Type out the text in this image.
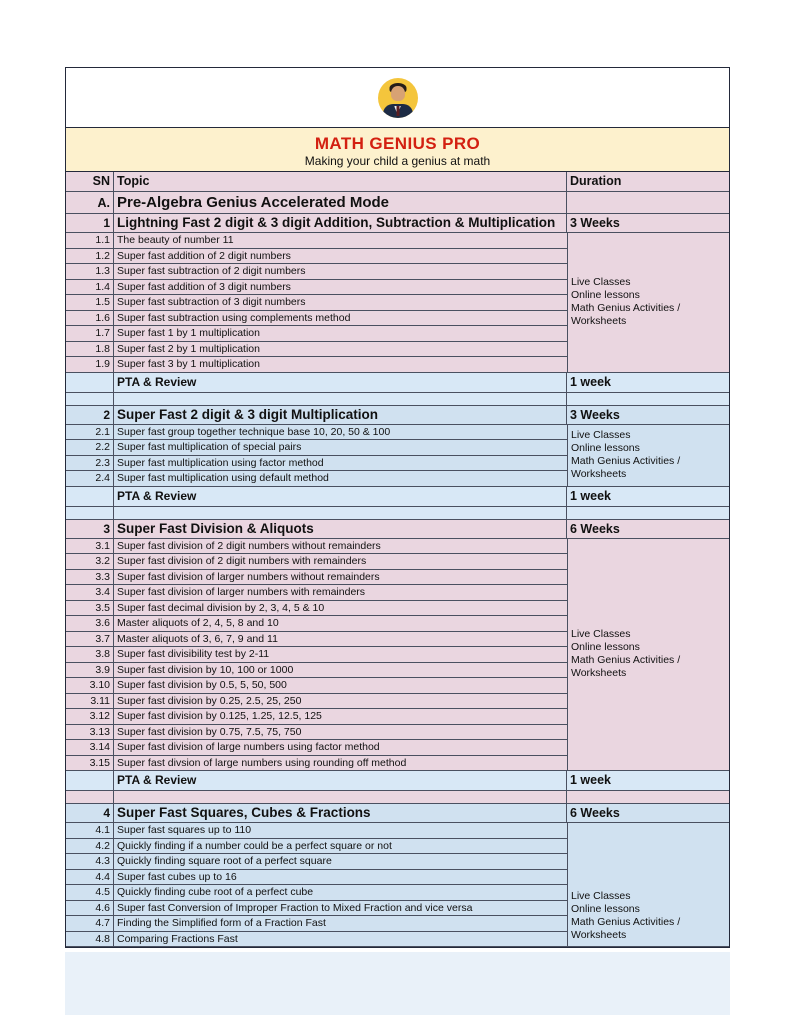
MATH GENIUS PRO
Making your child a genius at math
SN Topic	Duration
A. Pre-Algebra Genius Accelerated Mode
1 Lightning Fast 2 digit & 3 digit Addition, Subtraction & Multiplication	3 Weeks
1.1 The beauty of number 11
1.2 Super fast addition of 2 digit numbers
1.3 Super fast subtraction of 2 digit numbers
1.4 Super fast addition of 3 digit numbers
1.5 Super fast subtraction of 3 digit numbers
1.6 Super fast subtraction using complements method
1.7 Super fast 1 by 1 multiplication
1.8 Super fast 2 by 1 multiplication
1.9 Super fast 3 by 1 multiplication
Live Classes
Online lessons
Math Genius Activities / Worksheets
PTA & Review	1 week
2 Super Fast 2 digit & 3 digit Multiplication	3 Weeks
2.1 Super fast group together technique base 10, 20, 50 & 100
2.2 Super fast multiplication of special pairs
2.3 Super fast multiplication using factor method
2.4 Super fast multiplication using default method
Live Classes
Online lessons
Math Genius Activities / Worksheets
PTA & Review	1 week
3 Super Fast Division & Aliquots	6 Weeks
3.1 Super fast division of 2 digit numbers without remainders
3.2 Super fast division of 2 digit numbers with remainders
3.3 Super fast division of larger numbers without remainders
3.4 Super fast division of larger numbers with remainders
3.5 Super fast decimal division by 2, 3, 4, 5 & 10
3.6 Master aliquots of 2, 4, 5, 8 and 10
3.7 Master aliquots of 3, 6, 7, 9 and 11
3.8 Super fast divisibility test by 2-11
3.9 Super fast division by 10, 100 or 1000
3.10 Super fast division by 0.5, 5, 50, 500
3.11 Super fast division by 0.25, 2.5, 25, 250
3.12 Super fast division by 0.125, 1.25, 12.5, 125
3.13 Super fast division by 0.75, 7.5, 75, 750
3.14 Super fast division of large numbers using factor method
3.15 Super fast divsion of large numbers using rounding off method
Live Classes
Online lessons
Math Genius Activities / Worksheets
PTA & Review	1 week
4 Super Fast Squares, Cubes & Fractions	6 Weeks
4.1 Super fast squares up to 110
4.2 Quickly finding if a number could be a perfect square or not
4.3 Quickly finding square root of a perfect square
4.4 Super fast cubes up to 16
4.5 Quickly finding cube root of a perfect cube
4.6 Super fast Conversion of Improper Fraction to Mixed Fraction and vice versa
4.7 Finding the Simplified form of a Fraction Fast
4.8 Comparing Fractions Fast
Live Classes
Online lessons
Math Genius Activities / Worksheets
